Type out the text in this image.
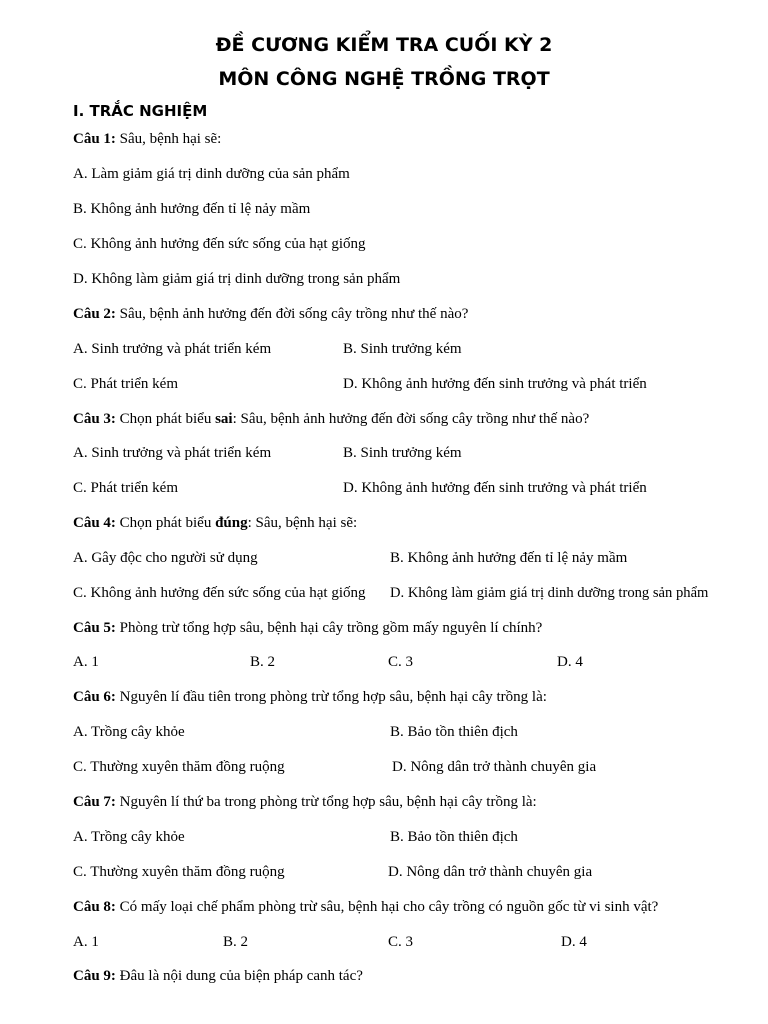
ĐỀ CƯƠNG KIỂM TRA CUỐI KỲ 2
MÔN CÔNG NGHỆ TRỒNG TRỌT
I. TRẮC NGHIỆM
Câu 1: Sâu, bệnh hại sẽ:
A. Làm giảm giá trị dinh dưỡng của sản phẩm
B. Không ảnh hưởng đến tỉ lệ nảy mầm
C. Không ảnh hưởng đến sức sống của hạt giống
D. Không làm giảm giá trị dinh dưỡng trong sản phẩm
Câu 2: Sâu, bệnh ảnh hưởng đến đời sống cây trồng như thế nào?
A. Sinh trưởng và phát triển kém	B. Sinh trưởng kém
C. Phát triển kém	D. Không ảnh hưởng đến sinh trưởng và phát triển
Câu 3: Chọn phát biểu sai: Sâu, bệnh ảnh hưởng đến đời sống cây trồng như thế nào?
A. Sinh trưởng và phát triển kém	B. Sinh trưởng kém
C. Phát triển kém	D. Không ảnh hưởng đến sinh trưởng và phát triển
Câu 4: Chọn phát biểu đúng: Sâu, bệnh hại sẽ:
A. Gây độc cho người sử dụng	B. Không ảnh hưởng đến tỉ lệ nảy mầm
C. Không ảnh hưởng đến sức sống của hạt giống D. Không làm giảm giá trị dinh dưỡng trong sản phẩm
Câu 5: Phòng trừ tổng hợp sâu, bệnh hại cây trồng gồm mấy nguyên lí chính?
A. 1	B. 2	C. 3	D. 4
Câu 6: Nguyên lí đầu tiên trong phòng trừ tổng hợp sâu, bệnh hại cây trồng là:
A. Trồng cây khỏe	B. Bảo tồn thiên địch
C. Thường xuyên thăm đồng ruộng	D. Nông dân trở thành chuyên gia
Câu 7: Nguyên lí thứ ba trong phòng trừ tổng hợp sâu, bệnh hại cây trồng là:
A. Trồng cây khỏe	B. Bảo tồn thiên địch
C. Thường xuyên thăm đồng ruộng	D. Nông dân trở thành chuyên gia
Câu 8: Có mấy loại chế phẩm phòng trừ sâu, bệnh hại cho cây trồng có nguồn gốc từ vi sinh vật?
A. 1	B. 2	C. 3	D. 4
Câu 9: Đâu là nội dung của biện pháp canh tác?
